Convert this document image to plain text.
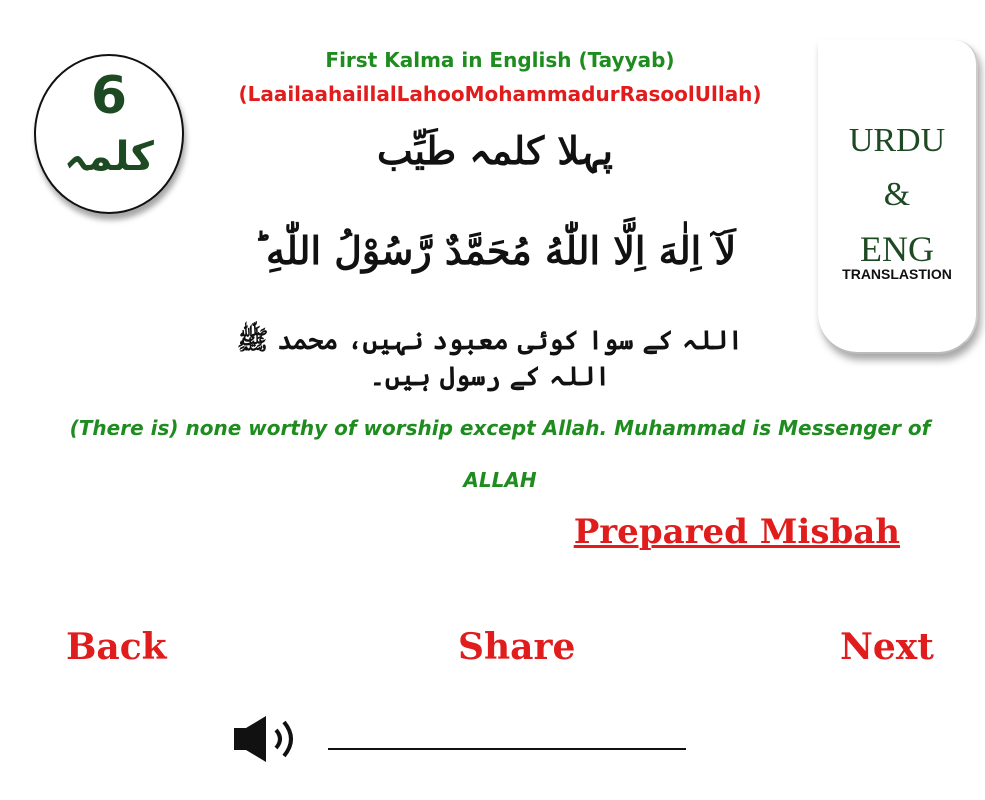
6
کلمہ
First Kalma in English (Tayyab)
(LaailaahaillalLahooMohammadurRasoolUllah)
پہلا کلمہ طَیِّب
لَآ اِلٰهَ اِلَّا اللّٰهُ مُحَمَّدٌ رَّسُوْلُ اللّٰهِ ؕ
اللہ کے سوا کوئی معبود نہیں، محمد ﷺ اللہ کے رسول ہیں۔
URDU
&
ENG
TRANSLASTION
(There is) none worthy of worship except Allah. Muhammad is Messenger of ALLAH
Prepared Misbah
Back	Share	Next
